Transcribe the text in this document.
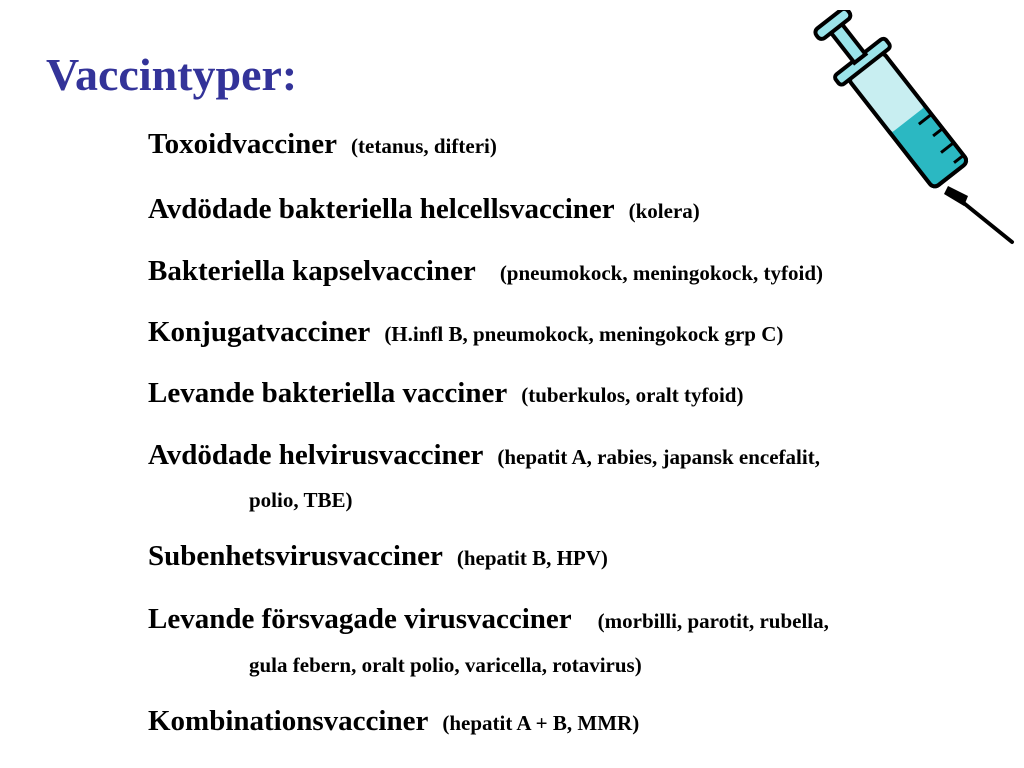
Vaccintyper:
Toxoidvacciner (tetanus, difteri)
Avdödade bakteriella helcellsvacciner (kolera)
Bakteriella kapselvacciner (pneumokock, meningokock, tyfoid)
Konjugatvacciner (H.infl B, pneumokock, meningokock grp C)
Levande bakteriella vacciner (tuberkulos, oralt tyfoid)
Avdödade helvirusvacciner (hepatit A, rabies, japansk encefalit,
polio, TBE)
Subenhetsvirusvacciner (hepatit B, HPV)
Levande försvagade virusvacciner (morbilli, parotit, rubella,
gula febern, oralt polio, varicella, rotavirus)
Kombinationsvacciner (hepatit A + B, MMR)
